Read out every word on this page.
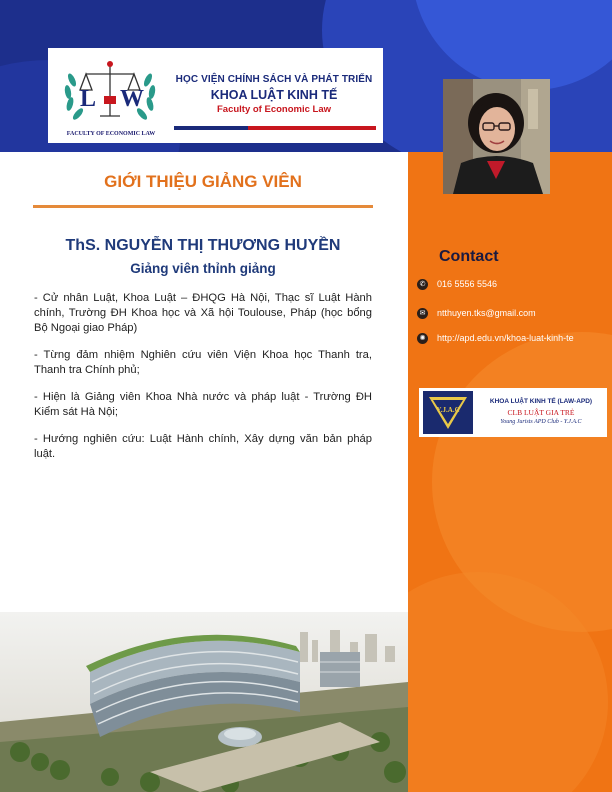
L W
FACULTY OF ECONOMIC LAW
HỌC VIỆN CHÍNH SÁCH VÀ PHÁT TRIỂN
KHOA LUẬT KINH TẾ
Faculty of Economic Law
GIỚI THIỆU GIẢNG VIÊN
ThS. NGUYỄN THỊ THƯƠNG HUYỀN
Giảng viên thỉnh giảng

- Cử nhân Luật, Khoa Luật – ĐHQG Hà Nội, Thạc sĩ Luật Hành chính, Trường ĐH Khoa học và Xã hội Toulouse, Pháp (học bổng Bộ Ngoại giao Pháp)

- Từng đảm nhiệm Nghiên cứu viên Viện Khoa học Thanh tra, Thanh tra Chính phủ;

- Hiện là Giảng viên Khoa Nhà nước và pháp luật - Trường ĐH Kiểm sát Hà Nội;

- Hướng nghiên cứu: Luật Hành chính, Xây dựng văn bản pháp luật.

Contact
✆ 016 5556 5546
✉ ntthuyen.tks@gmail.com
✺ http://apd.edu.vn/khoa-luat-kinh-te
Y.J.A.C
KHOA LUẬT KINH TẾ (LAW-APD)
CLB LUẬT GIA TRẺ
Young Jurists APD Club - Y.J.A.C
